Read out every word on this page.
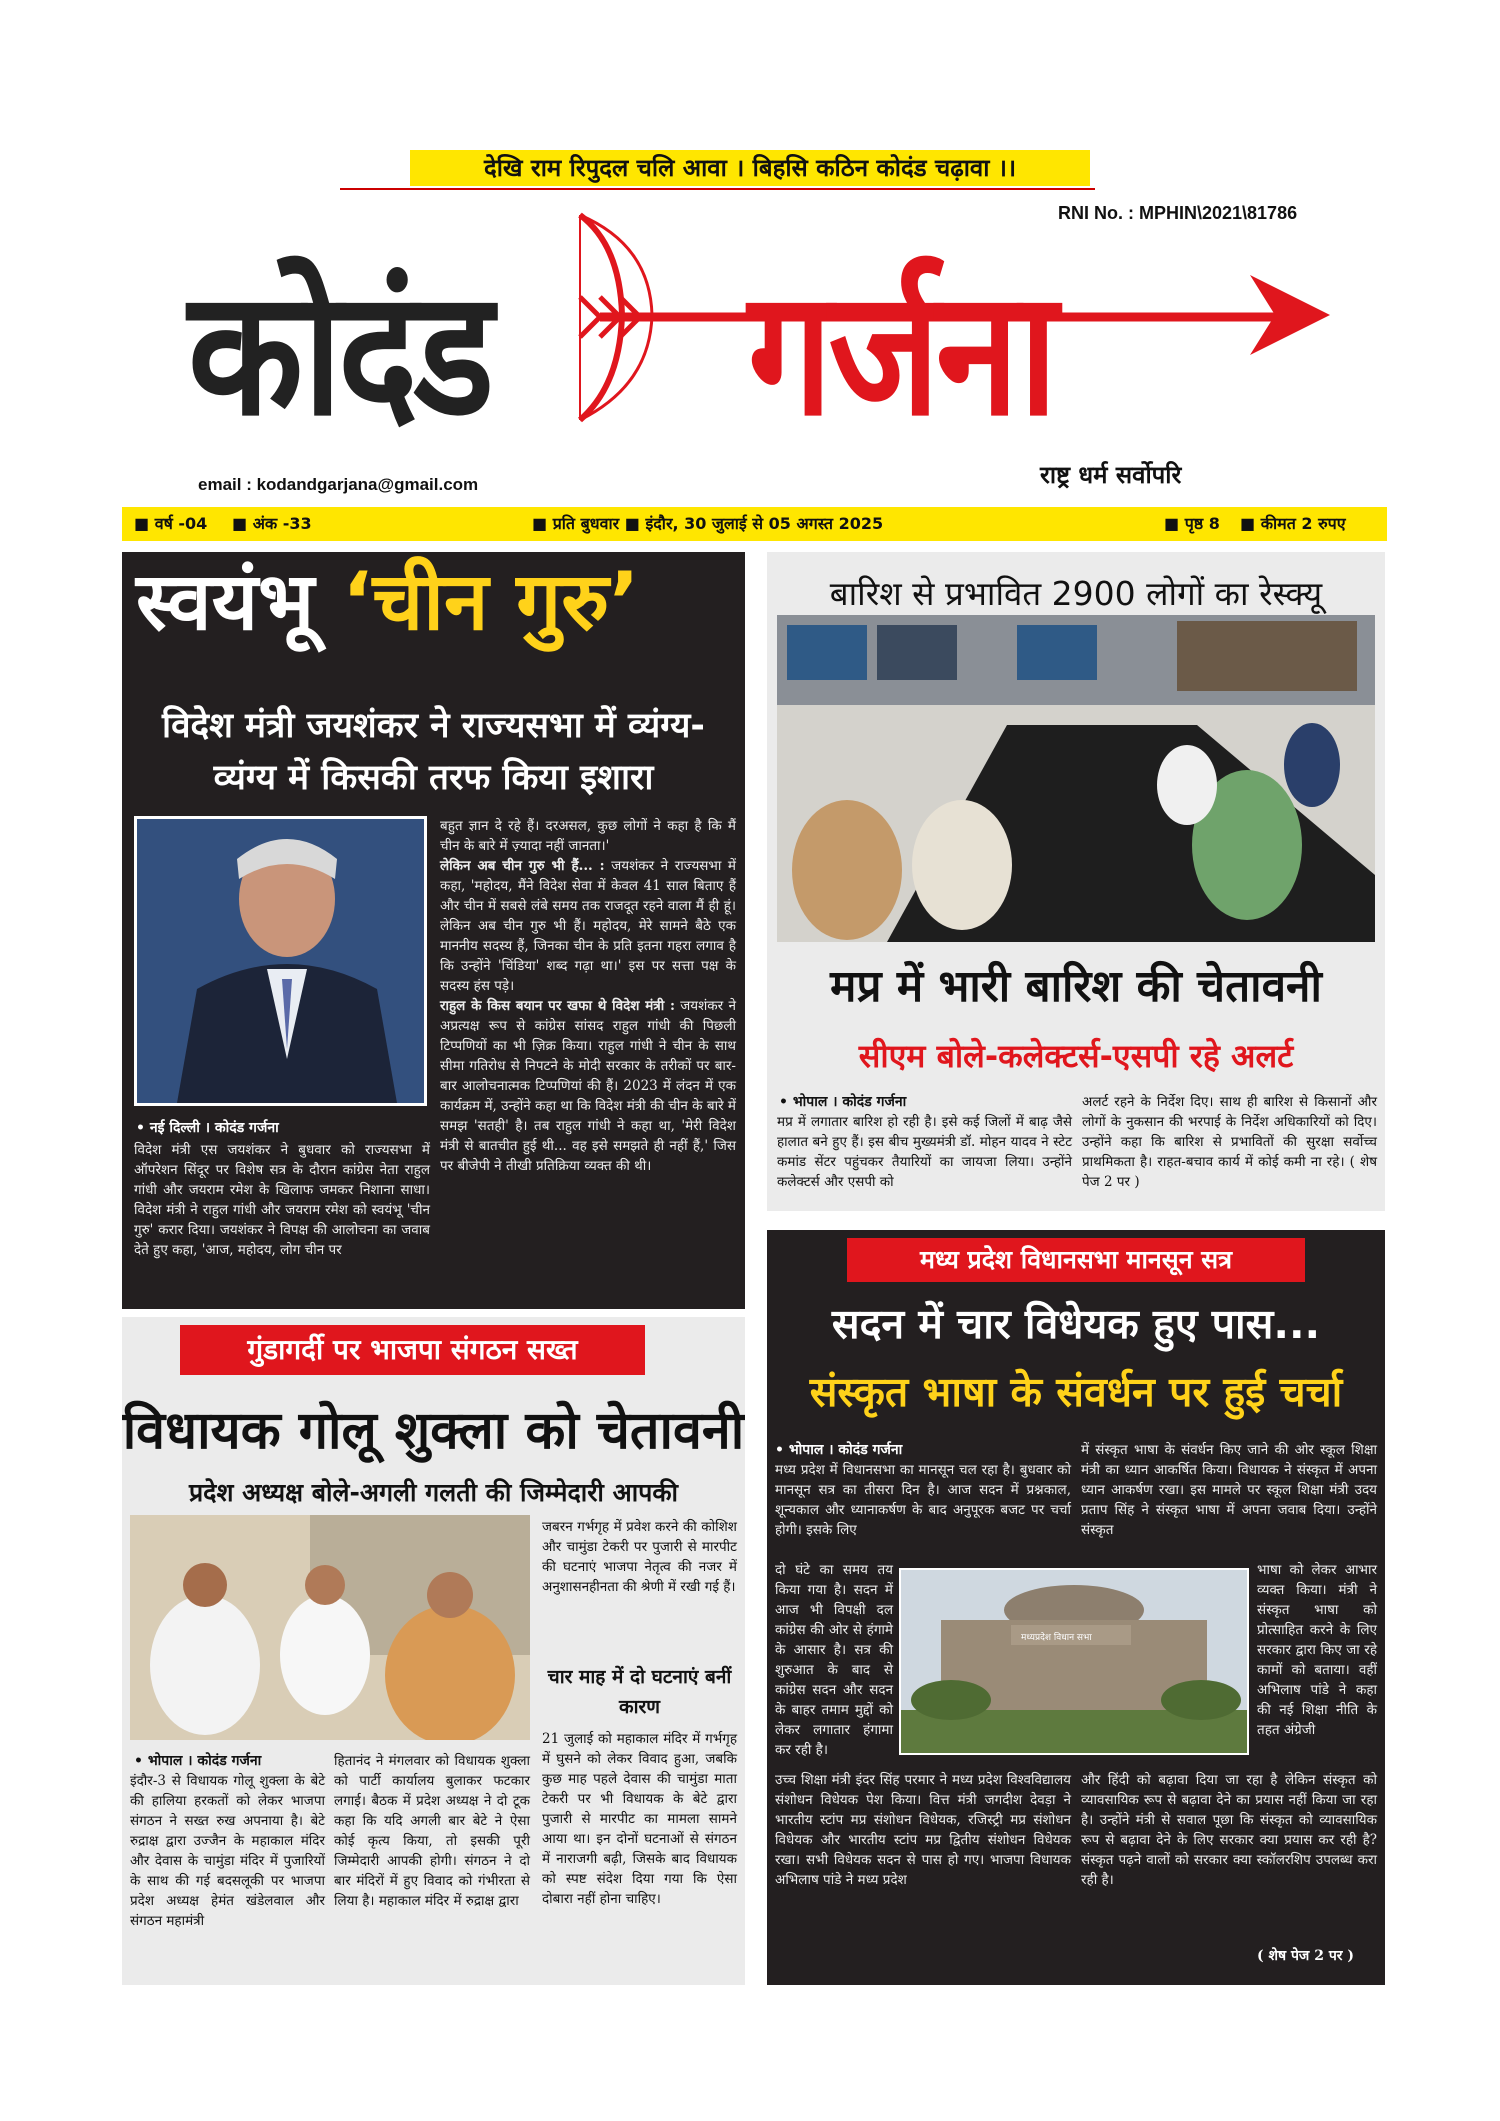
देखि राम रिपुदल चलि आवा । बिहसि कठिन कोदंड चढ़ावा ।।
RNI No. : MPHIN\2021\81786
कोदंड गर्जना
email : kodandgarjana@gmail.com	राष्ट्र धर्म सर्वोपरि
■ वर्ष -04 ■ अंक -33	■ प्रति बुधवार ■ इंदौर, 30 जुलाई से 05 अगस्त 2025	■ पृष्ठ 8 ■ कीमत 2 रुपए
स्वयंभू ‘चीन गुरु’
विदेश मंत्री जयशंकर ने राज्यसभा में व्यंग्य-
व्यंग्य में किसकी तरफ किया इशारा
• नई दिल्ली । कोदंड गर्जना
विदेश मंत्री एस जयशंकर ने बुधवार को राज्यसभा में ऑपरेशन सिंदूर पर विशेष सत्र के दौरान कांग्रेस नेता राहुल गांधी और जयराम रमेश के खिलाफ जमकर निशाना साधा। विदेश मंत्री ने राहुल गांधी और जयराम रमेश को स्वयंभू 'चीन गुरु' करार दिया। जयशंकर ने विपक्ष की आलोचना का जवाब देते हुए कहा, 'आज, महोदय, लोग चीन पर
बहुत ज्ञान दे रहे हैं। दरअसल, कुछ लोगों ने कहा है कि मैं चीन के बारे में ज़्यादा नहीं जानता।'
लेकिन अब चीन गुरु भी हैं... : जयशंकर ने राज्यसभा में कहा, 'महोदय, मैंने विदेश सेवा में केवल 41 साल बिताए हैं और चीन में सबसे लंबे समय तक राजदूत रहने वाला मैं ही हूं। लेकिन अब चीन गुरु भी हैं। महोदय, मेरे सामने बैठे एक माननीय सदस्य हैं, जिनका चीन के प्रति इतना गहरा लगाव है कि उन्होंने 'चिंडिया' शब्द गढ़ा था।' इस पर सत्ता पक्ष के सदस्य हंस पड़े।
राहुल के किस बयान पर खफा थे विदेश मंत्री : जयशंकर ने अप्रत्यक्ष रूप से कांग्रेस सांसद राहुल गांधी की पिछली टिप्पणियों का भी ज़िक्र किया। राहुल गांधी ने चीन के साथ सीमा गतिरोध से निपटने के मोदी सरकार के तरीकों पर बार-बार आलोचनात्मक टिप्पणियां की हैं। 2023 में लंदन में एक कार्यक्रम में, उन्होंने कहा था कि विदेश मंत्री की चीन के बारे में समझ 'सतही' है। तब राहुल गांधी ने कहा था, 'मेरी विदेश मंत्री से बातचीत हुई थी... वह इसे समझते ही नहीं हैं,' जिस पर बीजेपी ने तीखी प्रतिक्रिया व्यक्त की थी।
बारिश से प्रभावित 2900 लोगों का रेस्क्यू
मप्र में भारी बारिश की चेतावनी
सीएम बोले-कलेक्टर्स-एसपी रहे अलर्ट
• भोपाल । कोदंड गर्जना
मप्र में लगातार बारिश हो रही है। इसे कई जिलों में बाढ़ जैसे हालात बने हुए हैं। इस बीच मुख्यमंत्री डॉ. मोहन यादव ने स्टेट कमांड सेंटर पहुंचकर तैयारियों का जायजा लिया। उन्होंने कलेक्टर्स और एसपी को
अलर्ट रहने के निर्देश दिए। साथ ही बारिश से किसानों और लोगों के नुकसान की भरपाई के निर्देश अधिकारियों को दिए। उन्होंने कहा कि बारिश से प्रभावितों की सुरक्षा सर्वोच्च प्राथमिकता है। राहत-बचाव कार्य में कोई कमी ना रहे। ( शेष पेज 2 पर )
गुंडागर्दी पर भाजपा संगठन सख्त
विधायक गोलू शुक्ला को चेतावनी
प्रदेश अध्यक्ष बोले-अगली गलती की जिम्मेदारी आपकी
• भोपाल । कोदंड गर्जना
इंदौर-3 से विधायक गोलू शुक्ला के बेटे की हालिया हरकतों को लेकर भाजपा संगठन ने सख्त रुख अपनाया है। बेटे रुद्राक्ष द्वारा उज्जैन के महाकाल मंदिर और देवास के चामुंडा मंदिर में पुजारियों के साथ की गई बदसलूकी पर भाजपा प्रदेश अध्यक्ष हेमंत खंडेलवाल और संगठन महामंत्री
हितानंद ने मंगलवार को विधायक शुक्ला को पार्टी कार्यालय बुलाकर फटकार लगाई। बैठक में प्रदेश अध्यक्ष ने दो टूक कहा कि यदि अगली बार बेटे ने ऐसा कोई कृत्य किया, तो इसकी पूरी जिम्मेदारी आपकी होगी। संगठन ने दो बार मंदिरों में हुए विवाद को गंभीरता से लिया है। महाकाल मंदिर में रुद्राक्ष द्वारा
जबरन गर्भगृह में प्रवेश करने की कोशिश और चामुंडा टेकरी पर पुजारी से मारपीट की घटनाएं भाजपा नेतृत्व की नजर में अनुशासनहीनता की श्रेणी में रखी गई हैं।
चार माह में दो घटनाएं बनीं कारण
21 जुलाई को महाकाल मंदिर में गर्भगृह में घुसने को लेकर विवाद हुआ, जबकि कुछ माह पहले देवास की चामुंडा माता टेकरी पर भी विधायक के बेटे द्वारा पुजारी से मारपीट का मामला सामने आया था। इन दोनों घटनाओं से संगठन में नाराजगी बढ़ी, जिसके बाद विधायक को स्पष्ट संदेश दिया गया कि ऐसा दोबारा नहीं होना चाहिए।
मध्य प्रदेश विधानसभा मानसून सत्र
सदन में चार विधेयक हुए पास...
संस्कृत भाषा के संवर्धन पर हुई चर्चा
• भोपाल । कोदंड गर्जना
मध्य प्रदेश में विधानसभा का मानसून चल रहा है। बुधवार को मानसून सत्र का तीसरा दिन है। आज सदन में प्रश्नकाल, शून्यकाल और ध्यानाकर्षण के बाद अनुपूरक बजट पर चर्चा होगी। इसके लिए
दो घंटे का समय तय किया गया है। सदन में आज भी विपक्षी दल कांग्रेस की ओर से हंगामे के आसार है। सत्र की शुरुआत के बाद से कांग्रेस सदन और सदन के बाहर तमाम मुद्दों को लेकर लगातार हंगामा कर रही है।
उच्च शिक्षा मंत्री इंदर सिंह परमार ने मध्य प्रदेश विश्वविद्यालय संशोधन विधेयक पेश किया। वित्त मंत्री जगदीश देवड़ा ने भारतीय स्टांप मप्र संशोधन विधेयक, रजिस्ट्री मप्र संशोधन विधेयक और भारतीय स्टांप मप्र द्वितीय संशोधन विधेयक रखा। सभी विधेयक सदन से पास हो गए। भाजपा विधायक अभिलाष पांडे ने मध्य प्रदेश
में संस्कृत भाषा के संवर्धन किए जाने की ओर स्कूल शिक्षा मंत्री का ध्यान आकर्षित किया। विधायक ने संस्कृत में अपना ध्यान आकर्षण रखा। इस मामले पर स्कूल शिक्षा मंत्री उदय प्रताप सिंह ने संस्कृत भाषा में अपना जवाब दिया। उन्होंने संस्कृत
भाषा को लेकर आभार व्यक्त किया। मंत्री ने संस्कृत भाषा को प्रोत्साहित करने के लिए सरकार द्वारा किए जा रहे कामों को बताया। वहीं अभिलाष पांडे ने कहा की नई शिक्षा नीति के तहत अंग्रेजी
और हिंदी को बढ़ावा दिया जा रहा है लेकिन संस्कृत को व्यावसायिक रूप से बढ़ावा देने का प्रयास नहीं किया जा रहा है। उन्होंने मंत्री से सवाल पूछा कि संस्कृत को व्यावसायिक रूप से बढ़ावा देने के लिए सरकार क्या प्रयास कर रही है? संस्कृत पढ़ने वालों को सरकार क्या स्कॉलरशिप उपलब्ध करा रही है।
मध्यप्रदेश विधान सभा
( शेष पेज 2 पर )
